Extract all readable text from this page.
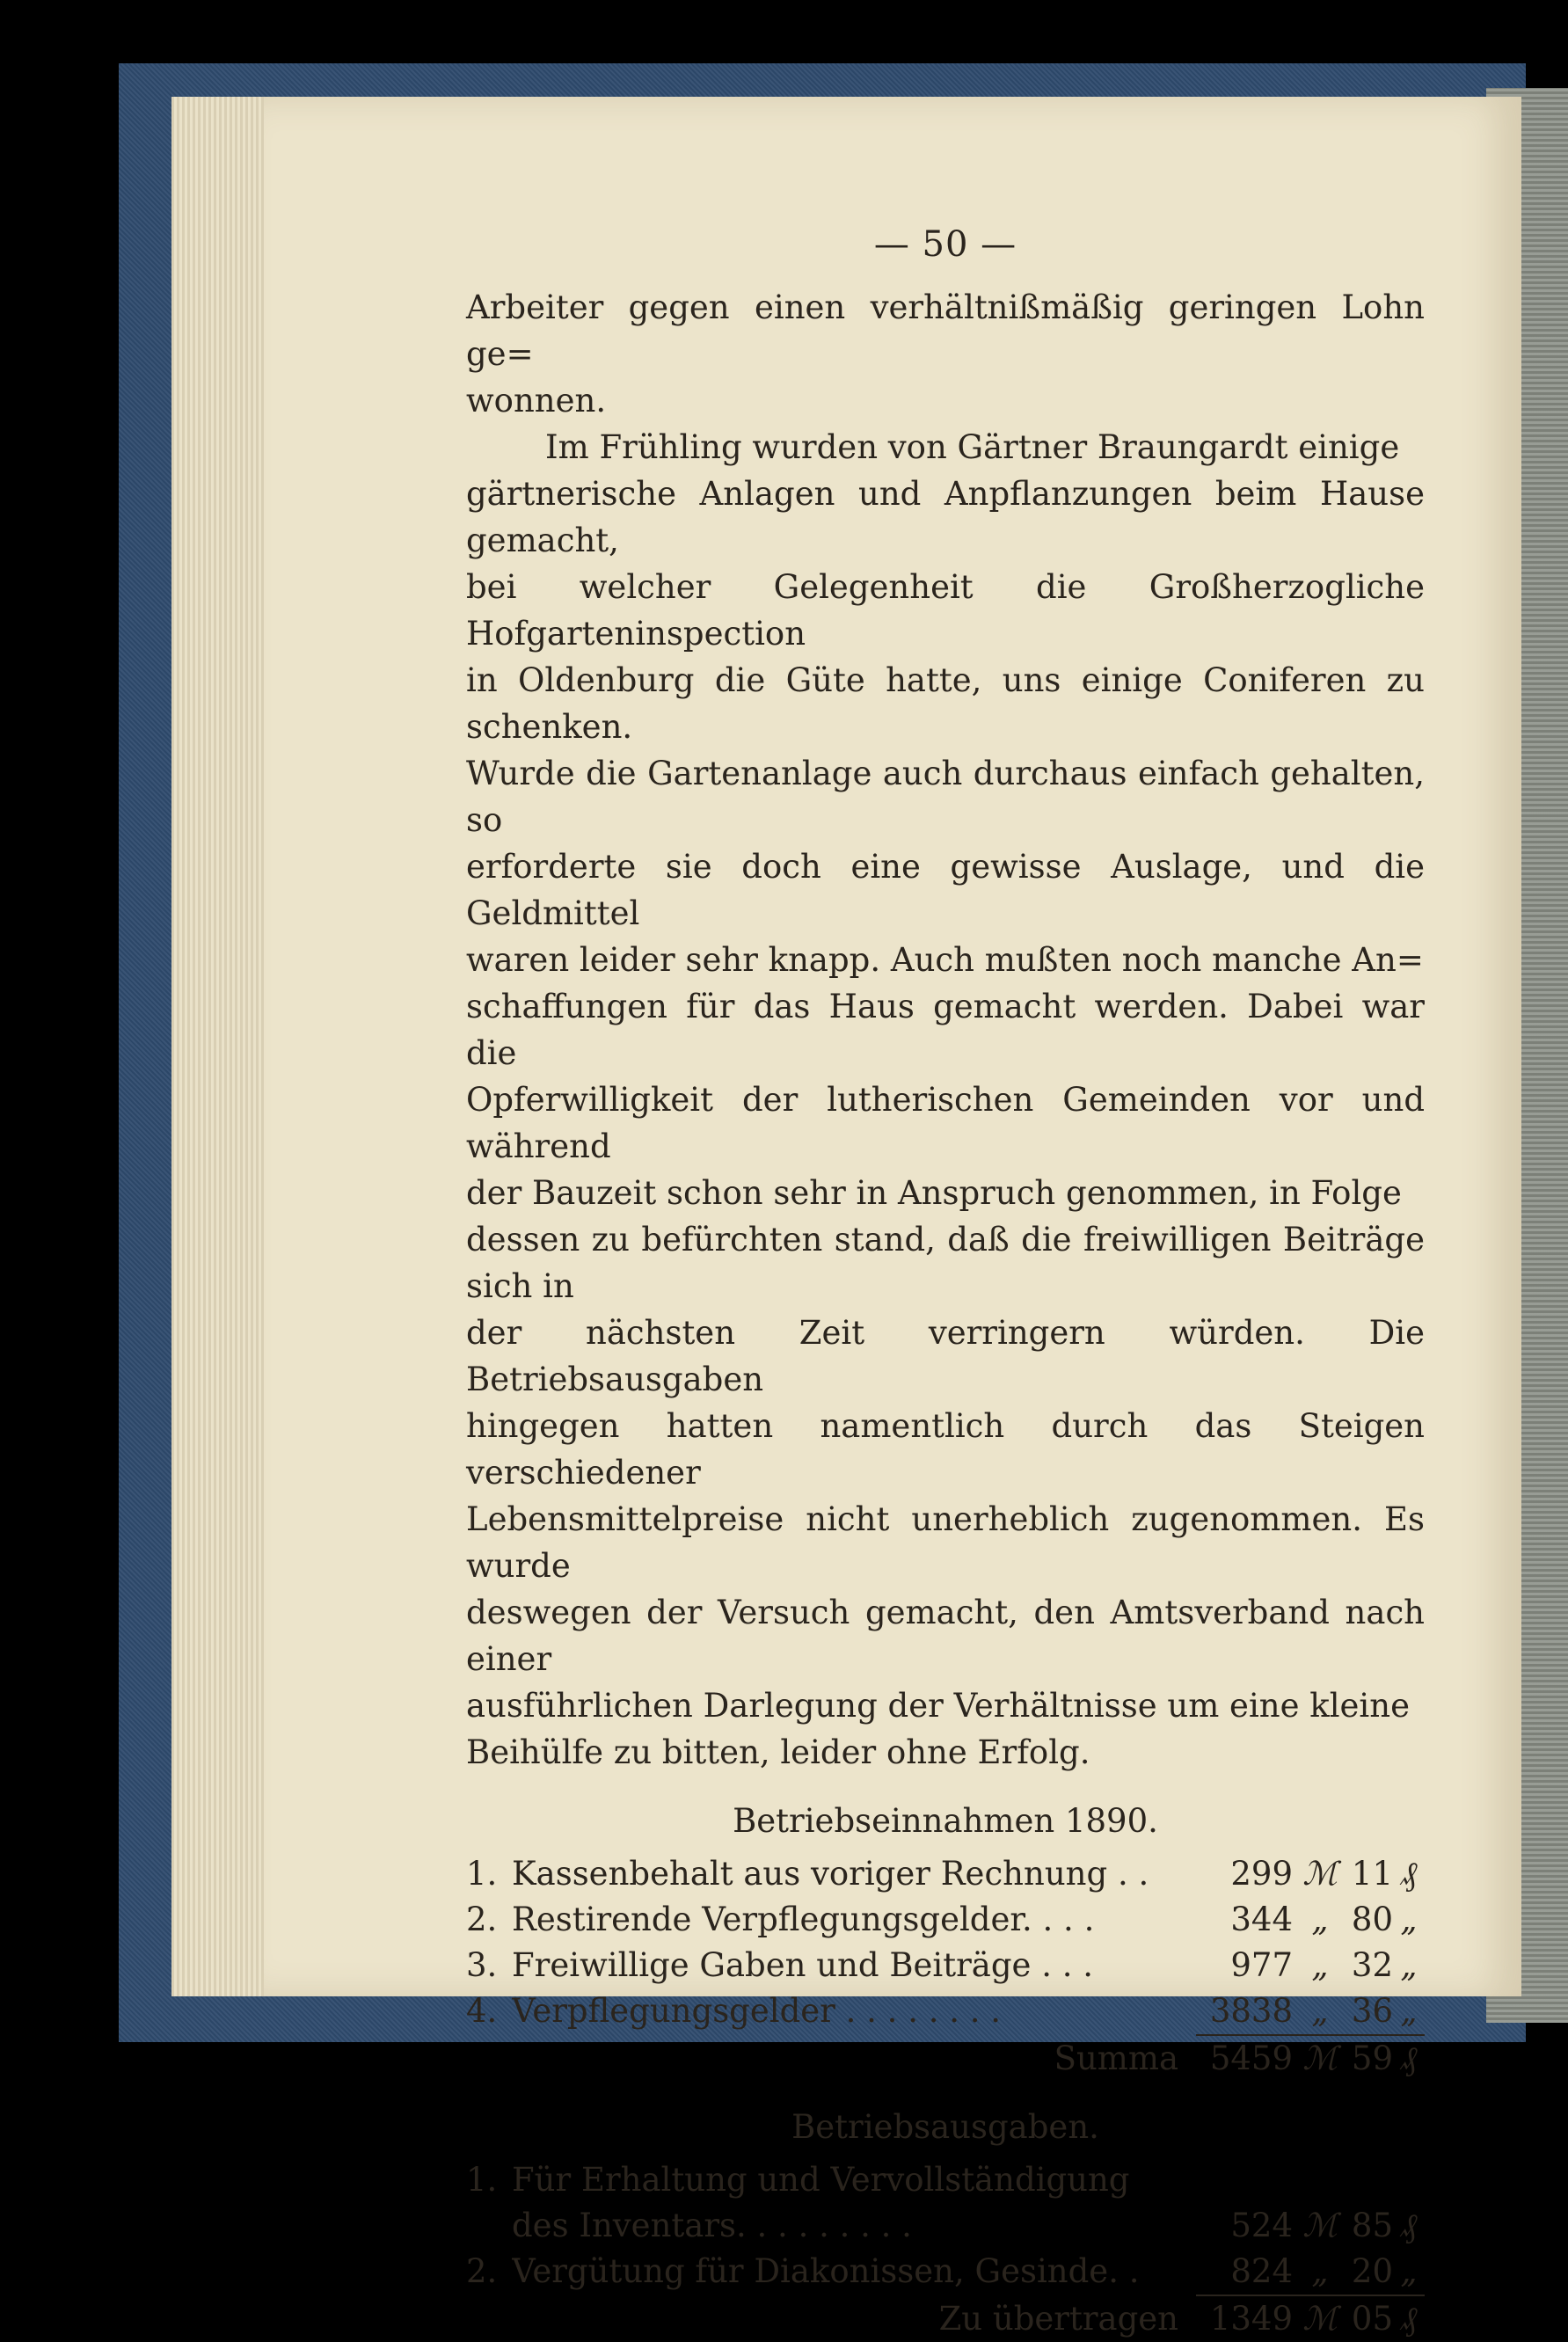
— 50 —

Arbeiter gegen einen verhältnißmäßig geringen Lohn ge=

wonnen.

Im Frühling wurden von Gärtner Braungardt einige

gärtnerische Anlagen und Anpflanzungen beim Hause gemacht,

bei welcher Gelegenheit die Großherzogliche Hofgarteninspection

in Oldenburg die Güte hatte, uns einige Coniferen zu schenken.

Wurde die Gartenanlage auch durchaus einfach gehalten, so

erforderte sie doch eine gewisse Auslage, und die Geldmittel

waren leider sehr knapp. Auch mußten noch manche An=

schaffungen für das Haus gemacht werden. Dabei war die

Opferwilligkeit der lutherischen Gemeinden vor und während

der Bauzeit schon sehr in Anspruch genommen, in Folge

dessen zu befürchten stand, daß die freiwilligen Beiträge sich in

der nächsten Zeit verringern würden. Die Betriebsausgaben

hingegen hatten namentlich durch das Steigen verschiedener

Lebensmittelpreise nicht unerheblich zugenommen. Es wurde

deswegen der Versuch gemacht, den Amtsverband nach einer

ausführlichen Darlegung der Verhältnisse um eine kleine

Beihülfe zu bitten, leider ohne Erfolg.

Betriebseinnahmen 1890.
1. Kassenbehalt aus voriger Rechnung . .	299 ℳ 11 ₰
2. Restirende Verpflegungsgelder. . . .	344 „ 80 „
3. Freiwillige Gaben und Beiträge . . .	977 „ 32 „
4. Verpflegungsgelder . . . . . . . .	3838 „ 36 „
Summa 5459 ℳ 59 ₰
Betriebsausgaben.
1. Für Erhaltung und Vervollständigung
des Inventars. . . . . . . . .	524 ℳ 85 ₰
2. Vergütung für Diakonissen, Gesinde. .	824 „ 20 „
Zu übertragen 1349 ℳ 05 ₰
